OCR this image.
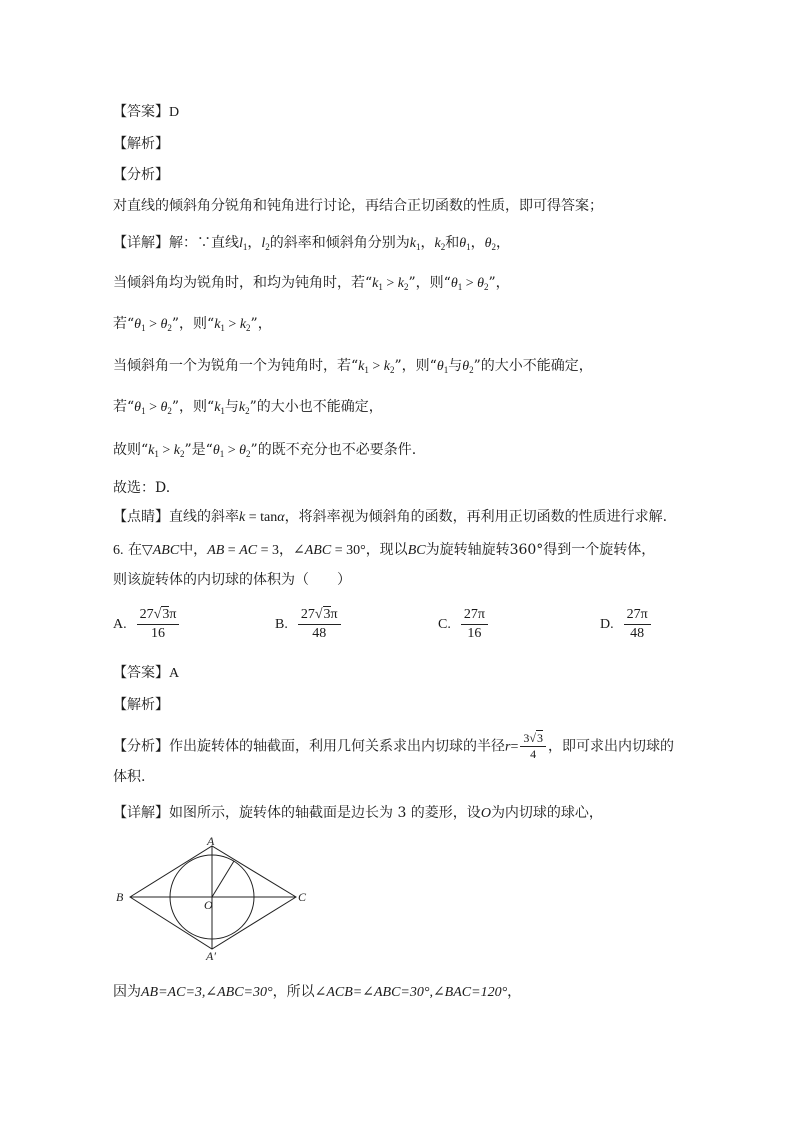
【答案】D
【解析】
【分析】
对直线的倾斜角分锐角和钝角进行讨论，再结合正切函数的性质，即可得答案；
【详解】解：∵直线$l_1$，$l_2$的斜率和倾斜角分别为$k_1$，$k_2$和$\theta_1$，$\theta_2$，
当倾斜角均为锐角时，和均为钝角时，若“$k_1 > k_2$”，则“$\theta_1 > \theta_2$”，
若“$\theta_1 > \theta_2$”，则“$k_1 > k_2$”，
当倾斜角一个为锐角一个为钝角时，若“$k_1 > k_2$”，则“$\theta_1$与$\theta_2$”的大小不能确定，
若“$\theta_1 > \theta_2$”，则“$k_1$与$k_2$”的大小也不能确定，
故则“$k_1 > k_2$”是“$\theta_1 > \theta_2$”的既不充分也不必要条件.
故选：D.
【点睛】直线的斜率k = tanα，将斜率视为倾斜角的函数，再利用正切函数的性质进行求解.
6. 在▽ABC中，AB = AC = 3，∠ABC = 30°，现以BC为旋转轴旋转360°得到一个旋转体，
则该旋转体的内切球的体积为（　　）
A. $\frac{27√3\pi}{16}$	B. $\frac{27√3\pi}{48}$	C. $\frac{27\pi}{16}$	D. $\frac{27\pi}{48}$
【答案】A
【解析】
【分析】作出旋转体的轴截面，利用几何关系求出内切球的半径$r= \frac{3√3}{4}$ ，即可求出内切球的
体积.
【详解】如图所示，旋转体的轴截面是边长为 3 的菱形，设O为内切球的球心，
A
B	C
O
A′
因为AB=AC=3,∠ABC=30°，所以∠ACB=∠ABC=30°,∠BAC=120°，
